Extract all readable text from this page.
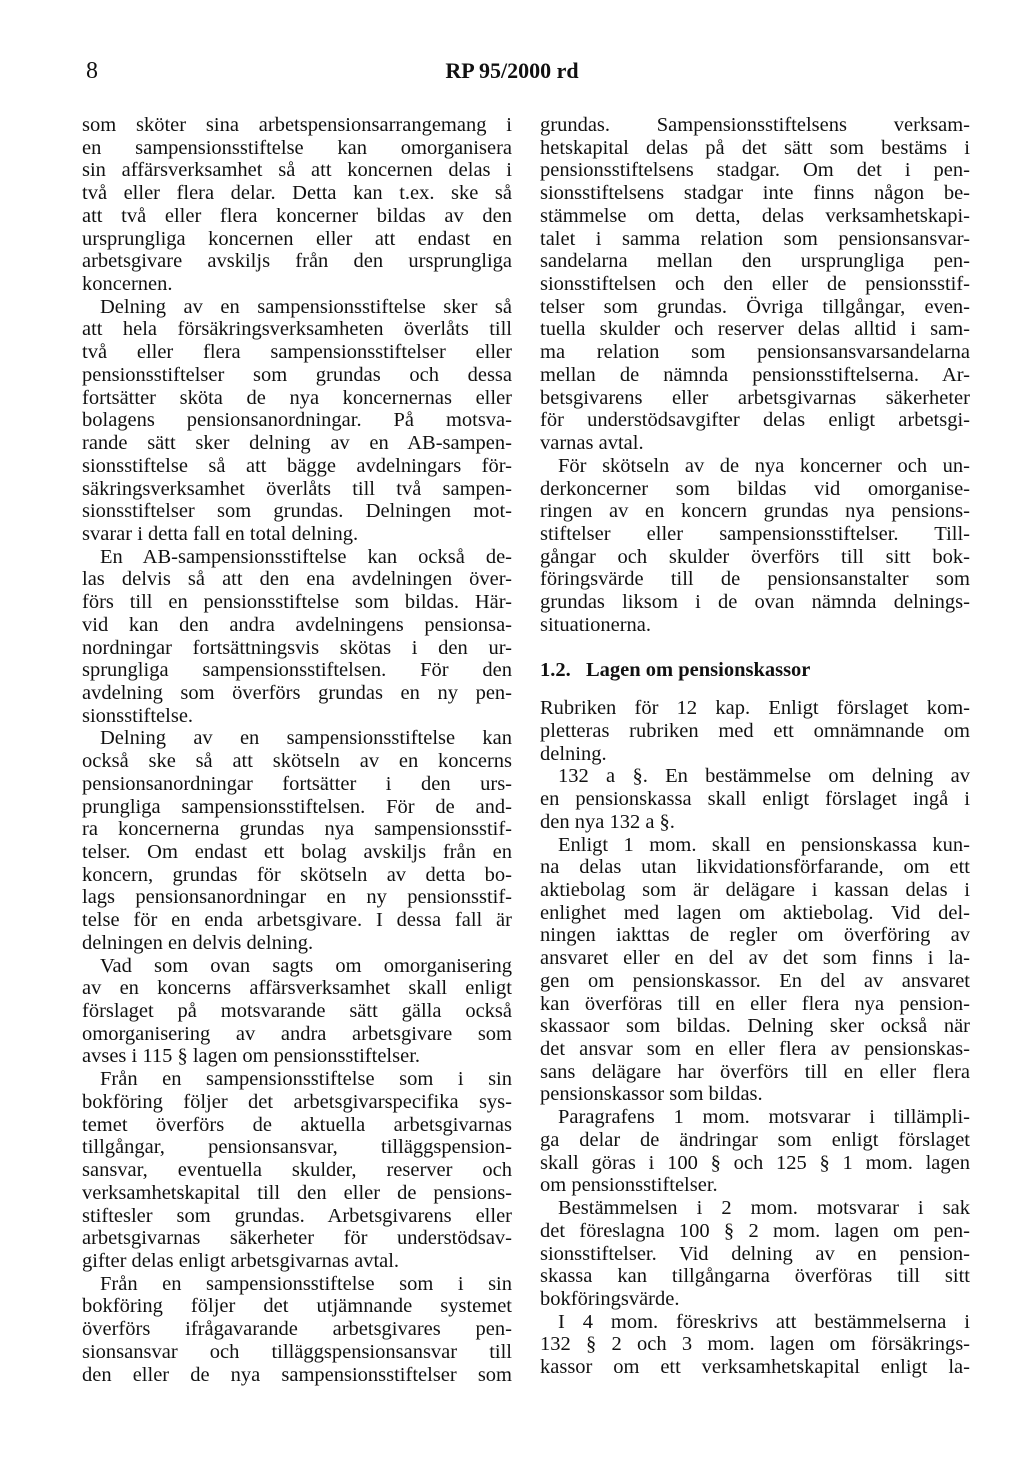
8	RP 95/2000 rd
som sköter sina arbetspensionsarrangemang i
en sampensionsstiftelse kan omorganisera
sin affärsverksamhet så att koncernen delas i
två eller flera delar. Detta kan t.ex. ske så
att två eller flera koncerner bildas av den
ursprungliga koncernen eller att endast en
arbetsgivare avskiljs från den ursprungliga
koncernen.
Delning av en sampensionsstiftelse sker så
att hela försäkringsverksamheten överlåts till
två eller flera sampensionsstiftelser eller
pensionsstiftelser som grundas och dessa
fortsätter sköta de nya koncernernas eller
bolagens pensionsanordningar. På motsva-
rande sätt sker delning av en AB-sampen-
sionsstiftelse så att bägge avdelningars för-
säkringsverksamhet överlåts till två sampen-
sionsstiftelser som grundas. Delningen mot-
svarar i detta fall en total delning.
En AB-sampensionsstiftelse kan också de-
las delvis så att den ena avdelningen över-
förs till en pensionsstiftelse som bildas. Här-
vid kan den andra avdelningens pensionsa-
nordningar fortsättningsvis skötas i den ur-
sprungliga sampensionsstiftelsen. För den
avdelning som överförs grundas en ny pen-
sionsstiftelse.
Delning av en sampensionsstiftelse kan
också ske så att skötseln av en koncerns
pensionsanordningar fortsätter i den urs-
prungliga sampensionsstiftelsen. För de and-
ra koncernerna grundas nya sampensionsstif-
telser. Om endast ett bolag avskiljs från en
koncern, grundas för skötseln av detta bo-
lags pensionsanordningar en ny pensionsstif-
telse för en enda arbetsgivare. I dessa fall är
delningen en delvis delning.
Vad som ovan sagts om omorganisering
av en koncerns affärsverksamhet skall enligt
förslaget på motsvarande sätt gälla också
omorganisering av andra arbetsgivare som
avses i 115 § lagen om pensionsstiftelser.
Från en sampensionsstiftelse som i sin
bokföring följer det arbetsgivarspecifika sys-
temet överförs de aktuella arbetsgivarnas
tillgångar, pensionsansvar, tilläggspension-
sansvar, eventuella skulder, reserver och
verksamhetskapital till den eller de pensions-
stiftesler som grundas. Arbetsgivarens eller
arbetsgivarnas säkerheter för understödsav-
gifter delas enligt arbetsgivarnas avtal.
Från en sampensionsstiftelse som i sin
bokföring följer det utjämnande systemet
överförs ifrågavarande arbetsgivares pen-
sionsansvar och tilläggspensionsansvar till
den eller de nya sampensionsstiftelser som
grundas. Sampensionsstiftelsens verksam-
hetskapital delas på det sätt som bestäms i
pensionsstiftelsens stadgar. Om det i pen-
sionsstiftelsens stadgar inte finns någon be-
stämmelse om detta, delas verksamhetskapi-
talet i samma relation som pensionsansvar-
sandelarna mellan den ursprungliga pen-
sionsstiftelsen och den eller de pensionsstif-
telser som grundas. Övriga tillgångar, even-
tuella skulder och reserver delas alltid i sam-
ma relation som pensionsansvarsandelarna
mellan de nämnda pensionsstiftelserna. Ar-
betsgivarens eller arbetsgivarnas säkerheter
för understödsavgifter delas enligt arbetsgi-
varnas avtal.
För skötseln av de nya koncerner och un-
derkoncerner som bildas vid omorganise-
ringen av en koncern grundas nya pensions-
stiftelser eller sampensionsstiftelser. Till-
gångar och skulder överförs till sitt bok-
föringsvärde till de pensionsanstalter som
grundas liksom i de ovan nämnda delnings-
situationerna.
1.2. Lagen om pensionskassor
Rubriken för 12 kap. Enligt förslaget kom-
pletteras rubriken med ett omnämnande om
delning.
132 a §. En bestämmelse om delning av
en pensionskassa skall enligt förslaget ingå i
den nya 132 a §.
Enligt 1 mom. skall en pensionskassa kun-
na delas utan likvidationsförfarande, om ett
aktiebolag som är delägare i kassan delas i
enlighet med lagen om aktiebolag. Vid del-
ningen iakttas de regler om överföring av
ansvaret eller en del av det som finns i la-
gen om pensionskassor. En del av ansvaret
kan överföras till en eller flera nya pension-
skassaor som bildas. Delning sker också när
det ansvar som en eller flera av pensionskas-
sans delägare har överförs till en eller flera
pensionskassor som bildas.
Paragrafens 1 mom. motsvarar i tillämpli-
ga delar de ändringar som enligt förslaget
skall göras i 100 § och 125 § 1 mom. lagen
om pensionsstiftelser.
Bestämmelsen i 2 mom. motsvarar i sak
det föreslagna 100 § 2 mom. lagen om pen-
sionsstiftelser. Vid delning av en pension-
skassa kan tillgångarna överföras till sitt
bokföringsvärde.
I 4 mom. föreskrivs att bestämmelserna i
132 § 2 och 3 mom. lagen om försäkrings-
kassor om ett verksamhetskapital enligt la-
